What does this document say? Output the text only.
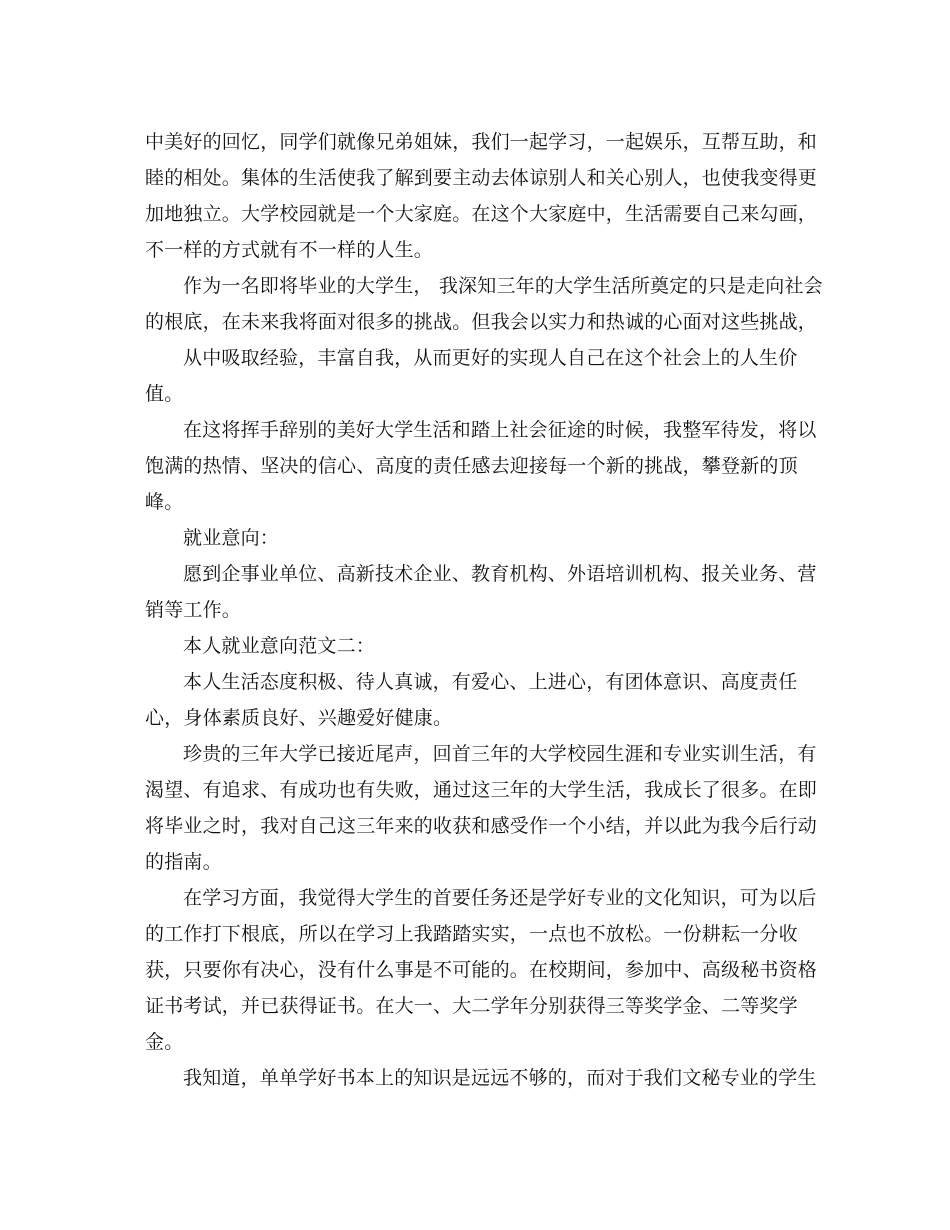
中美好的回忆，同学们就像兄弟姐妹，我们一起学习，一起娱乐，互帮互助，和
睦的相处。集体的生活使我了解到要主动去体谅别人和关心别人，也使我变得更
加地独立。大学校园就是一个大家庭。在这个大家庭中，生活需要自己来勾画，
不一样的方式就有不一样的人生。
作为一名即将毕业的大学生， 我深知三年的大学生活所奠定的只是走向社会
的根底，在未来我将面对很多的挑战。但我会以实力和热诚的心面对这些挑战，
从中吸取经验，丰富自我，从而更好的实现人自己在这个社会上的人生价
值。
在这将挥手辞别的美好大学生活和踏上社会征途的时候，我整军待发，将以
饱满的热情、坚决的信心、高度的责任感去迎接每一个新的挑战，攀登新的顶
峰。
就业意向：
愿到企事业单位、高新技术企业、教育机构、外语培训机构、报关业务、营
销等工作。
本人就业意向范文二：
本人生活态度积极、待人真诚，有爱心、上进心，有团体意识、高度责任
心，身体素质良好、兴趣爱好健康。
珍贵的三年大学已接近尾声，回首三年的大学校园生涯和专业实训生活，有
渴望、有追求、有成功也有失败，通过这三年的大学生活，我成长了很多。在即
将毕业之时，我对自己这三年来的收获和感受作一个小结，并以此为我今后行动
的指南。
在学习方面，我觉得大学生的首要任务还是学好专业的文化知识，可为以后
的工作打下根底，所以在学习上我踏踏实实，一点也不放松。一份耕耘一分收
获，只要你有决心，没有什么事是不可能的。在校期间，参加中、高级秘书资格
证书考试，并已获得证书。在大一、大二学年分别获得三等奖学金、二等奖学
金。
我知道，单单学好书本上的知识是远远不够的，而对于我们文秘专业的学生
